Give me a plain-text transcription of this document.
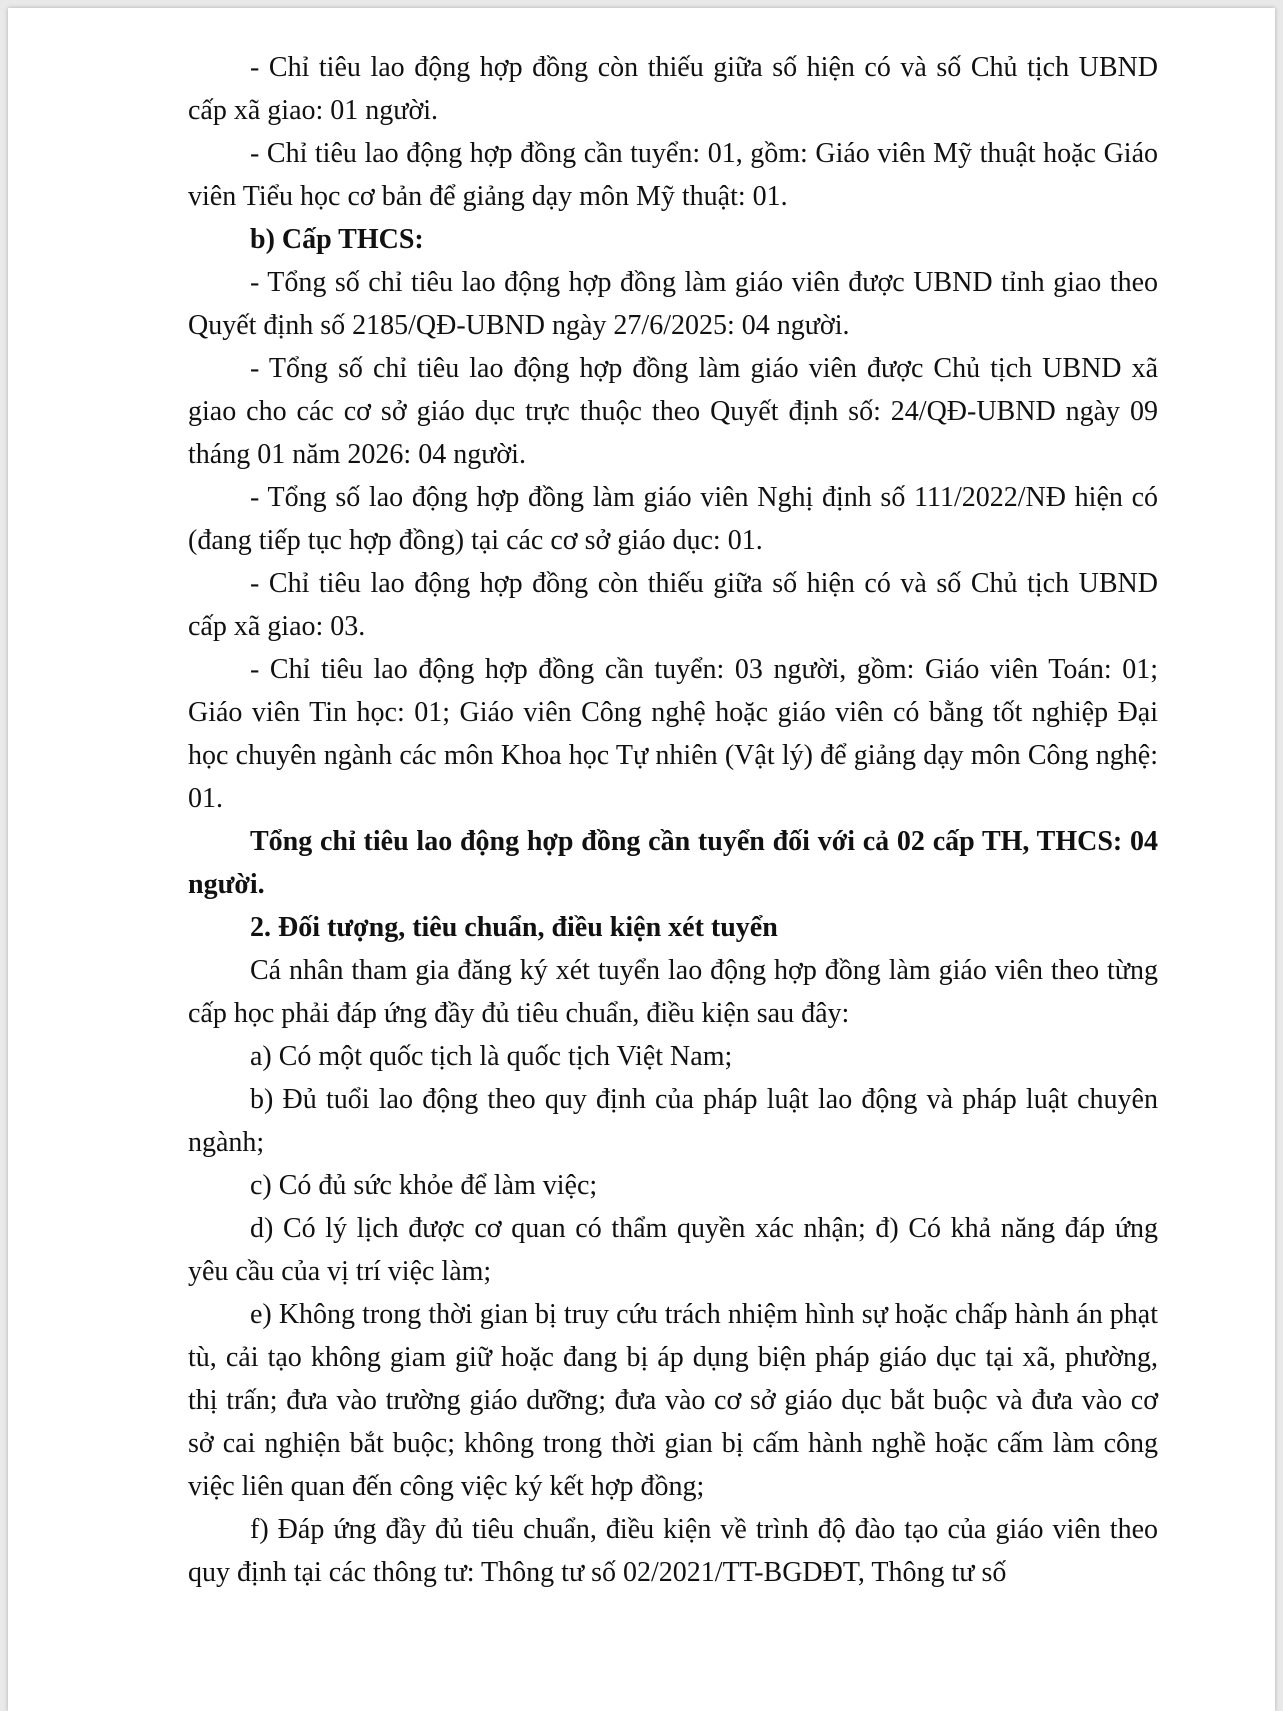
- Chỉ tiêu lao động hợp đồng còn thiếu giữa số hiện có và số Chủ tịch UBND cấp xã giao: 01 người.

- Chỉ tiêu lao động hợp đồng cần tuyển: 01, gồm: Giáo viên Mỹ thuật hoặc Giáo viên Tiểu học cơ bản để giảng dạy môn Mỹ thuật: 01.

b) Cấp THCS:

- Tổng số chỉ tiêu lao động hợp đồng làm giáo viên được UBND tỉnh giao theo Quyết định số 2185/QĐ-UBND ngày 27/6/2025: 04 người.

- Tổng số chỉ tiêu lao động hợp đồng làm giáo viên được Chủ tịch UBND xã giao cho các cơ sở giáo dục trực thuộc theo Quyết định số: 24/QĐ-UBND ngày 09 tháng 01 năm 2026: 04 người.

- Tổng số lao động hợp đồng làm giáo viên Nghị định số 111/2022/NĐ hiện có (đang tiếp tục hợp đồng) tại các cơ sở giáo dục: 01.

- Chỉ tiêu lao động hợp đồng còn thiếu giữa số hiện có và số Chủ tịch UBND cấp xã giao: 03.

- Chỉ tiêu lao động hợp đồng cần tuyển: 03 người, gồm: Giáo viên Toán: 01; Giáo viên Tin học: 01; Giáo viên Công nghệ hoặc giáo viên có bằng tốt nghiệp Đại học chuyên ngành các môn Khoa học Tự nhiên (Vật lý) để giảng dạy môn Công nghệ: 01.

Tổng chỉ tiêu lao động hợp đồng cần tuyển đối với cả 02 cấp TH, THCS: 04 người.

2. Đối tượng, tiêu chuẩn, điều kiện xét tuyển

Cá nhân tham gia đăng ký xét tuyển lao động hợp đồng làm giáo viên theo từng cấp học phải đáp ứng đầy đủ tiêu chuẩn, điều kiện sau đây:

a) Có một quốc tịch là quốc tịch Việt Nam;

b) Đủ tuổi lao động theo quy định của pháp luật lao động và pháp luật chuyên ngành;

c) Có đủ sức khỏe để làm việc;

d) Có lý lịch được cơ quan có thẩm quyền xác nhận; đ) Có khả năng đáp ứng yêu cầu của vị trí việc làm;

e) Không trong thời gian bị truy cứu trách nhiệm hình sự hoặc chấp hành án phạt tù, cải tạo không giam giữ hoặc đang bị áp dụng biện pháp giáo dục tại xã, phường, thị trấn; đưa vào trường giáo dưỡng; đưa vào cơ sở giáo dục bắt buộc và đưa vào cơ sở cai nghiện bắt buộc; không trong thời gian bị cấm hành nghề hoặc cấm làm công việc liên quan đến công việc ký kết hợp đồng;

f) Đáp ứng đầy đủ tiêu chuẩn, điều kiện về trình độ đào tạo của giáo viên theo quy định tại các thông tư: Thông tư số 02/2021/TT-BGDĐT, Thông tư số
